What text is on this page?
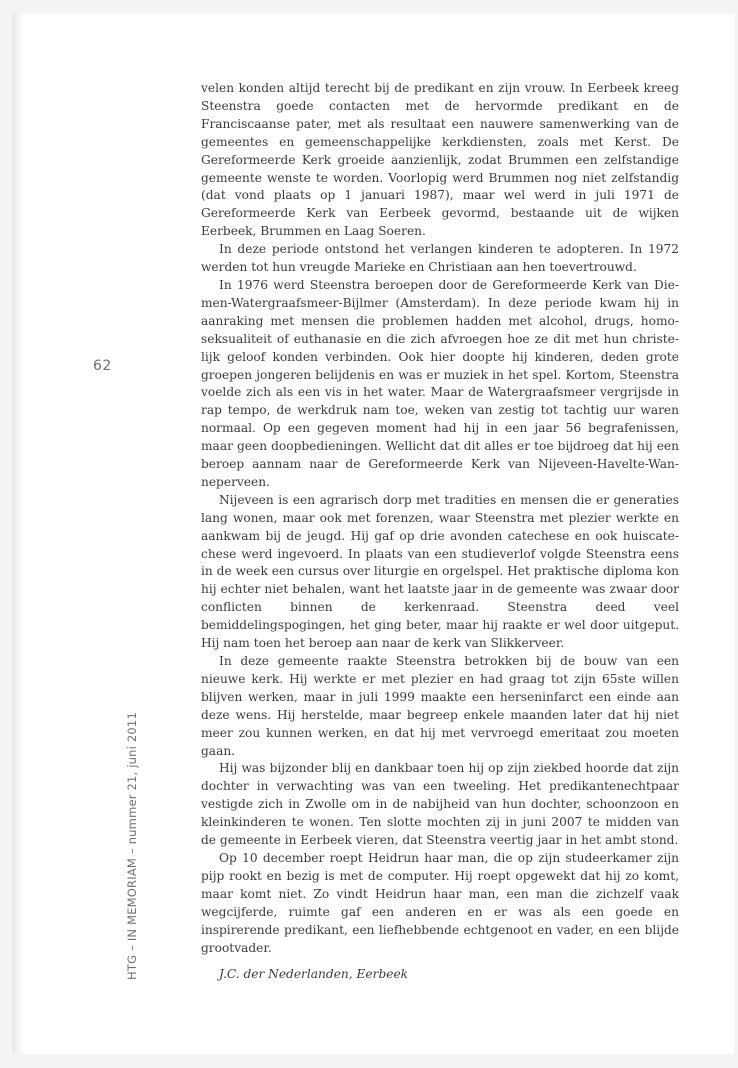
62
HTG – IN MEMORIAM – nummer 21, juni 2011

velen konden altijd terecht bij de predikant en zijn vrouw. In Eerbeek kreeg Steenstra goede contacten met de hervormde predikant en de Franciscaanse pater, met als resultaat een nauwere samenwerking van de gemeentes en gemeenschappelijke kerkdiensten, zoals met Kerst. De Gereformeerde Kerk groeide aanzienlijk, zodat Brummen een zelfstandige gemeente wenste te worden. Voorlopig werd Brummen nog niet zelfstandig (dat vond plaats op 1 januari 1987), maar wel werd in juli 1971 de Gereformeerde Kerk van Eerbeek gevormd, bestaande uit de wijken Eerbeek, Brummen en Laag Soeren.

In deze periode ontstond het verlangen kinderen te adopteren. In 1972 werden tot hun vreugde Marieke en Christiaan aan hen toevertrouwd.

In 1976 werd Steenstra beroepen door de Gereformeerde Kerk van Diemen-Watergraafsmeer-Bijlmer (Amsterdam). In deze periode kwam hij in aanraking met mensen die problemen hadden met alcohol, drugs, homoseksualiteit of euthanasie en die zich afvroegen hoe ze dit met hun christelijk geloof konden verbinden. Ook hier doopte hij kinderen, deden grote groepen jongeren belijdenis en was er muziek in het spel. Kortom, Steenstra voelde zich als een vis in het water. Maar de Watergraafsmeer vergrijsde in rap tempo, de werkdruk nam toe, weken van zestig tot tachtig uur waren normaal. Op een gegeven moment had hij in een jaar 56 begrafenissen, maar geen doopbedieningen. Wellicht dat dit alles er toe bijdroeg dat hij een beroep aannam naar de Gereformeerde Kerk van Nijeveen-Havelte-Wanneperveen.

Nijeveen is een agrarisch dorp met tradities en mensen die er generaties lang wonen, maar ook met forenzen, waar Steenstra met plezier werkte en aankwam bij de jeugd. Hij gaf op drie avonden catechese en ook huiscatechese werd ingevoerd. In plaats van een studieverlof volgde Steenstra eens in de week een cursus over liturgie en orgelspel. Het praktische diploma kon hij echter niet behalen, want het laatste jaar in de gemeente was zwaar door conflicten binnen de kerkenraad. Steenstra deed veel bemiddelingspogingen, het ging beter, maar hij raakte er wel door uitgeput. Hij nam toen het beroep aan naar de kerk van Slikkerveer.

In deze gemeente raakte Steenstra betrokken bij de bouw van een nieuwe kerk. Hij werkte er met plezier en had graag tot zijn 65ste willen blijven werken, maar in juli 1999 maakte een herseninfarct een einde aan deze wens. Hij herstelde, maar begreep enkele maanden later dat hij niet meer zou kunnen werken, en dat hij met vervroegd emeritaat zou moeten gaan.

Hij was bijzonder blij en dankbaar toen hij op zijn ziekbed hoorde dat zijn dochter in verwachting was van een tweeling. Het predikantenechtpaar vestigde zich in Zwolle om in de nabijheid van hun dochter, schoonzoon en kleinkinderen te wonen. Ten slotte mochten zij in juni 2007 te midden van de gemeente in Eerbeek vieren, dat Steenstra veertig jaar in het ambt stond.

Op 10 december roept Heidrun haar man, die op zijn studeerkamer zijn pijp rookt en bezig is met de computer. Hij roept opgewekt dat hij zo komt, maar komt niet. Zo vindt Heidrun haar man, een man die zichzelf vaak wegcijferde, ruimte gaf een anderen en er was als een goede en inspirerende predikant, een liefhebbende echtgenoot en vader, en een blijde grootvader.

J.C. der Nederlanden, Eerbeek
